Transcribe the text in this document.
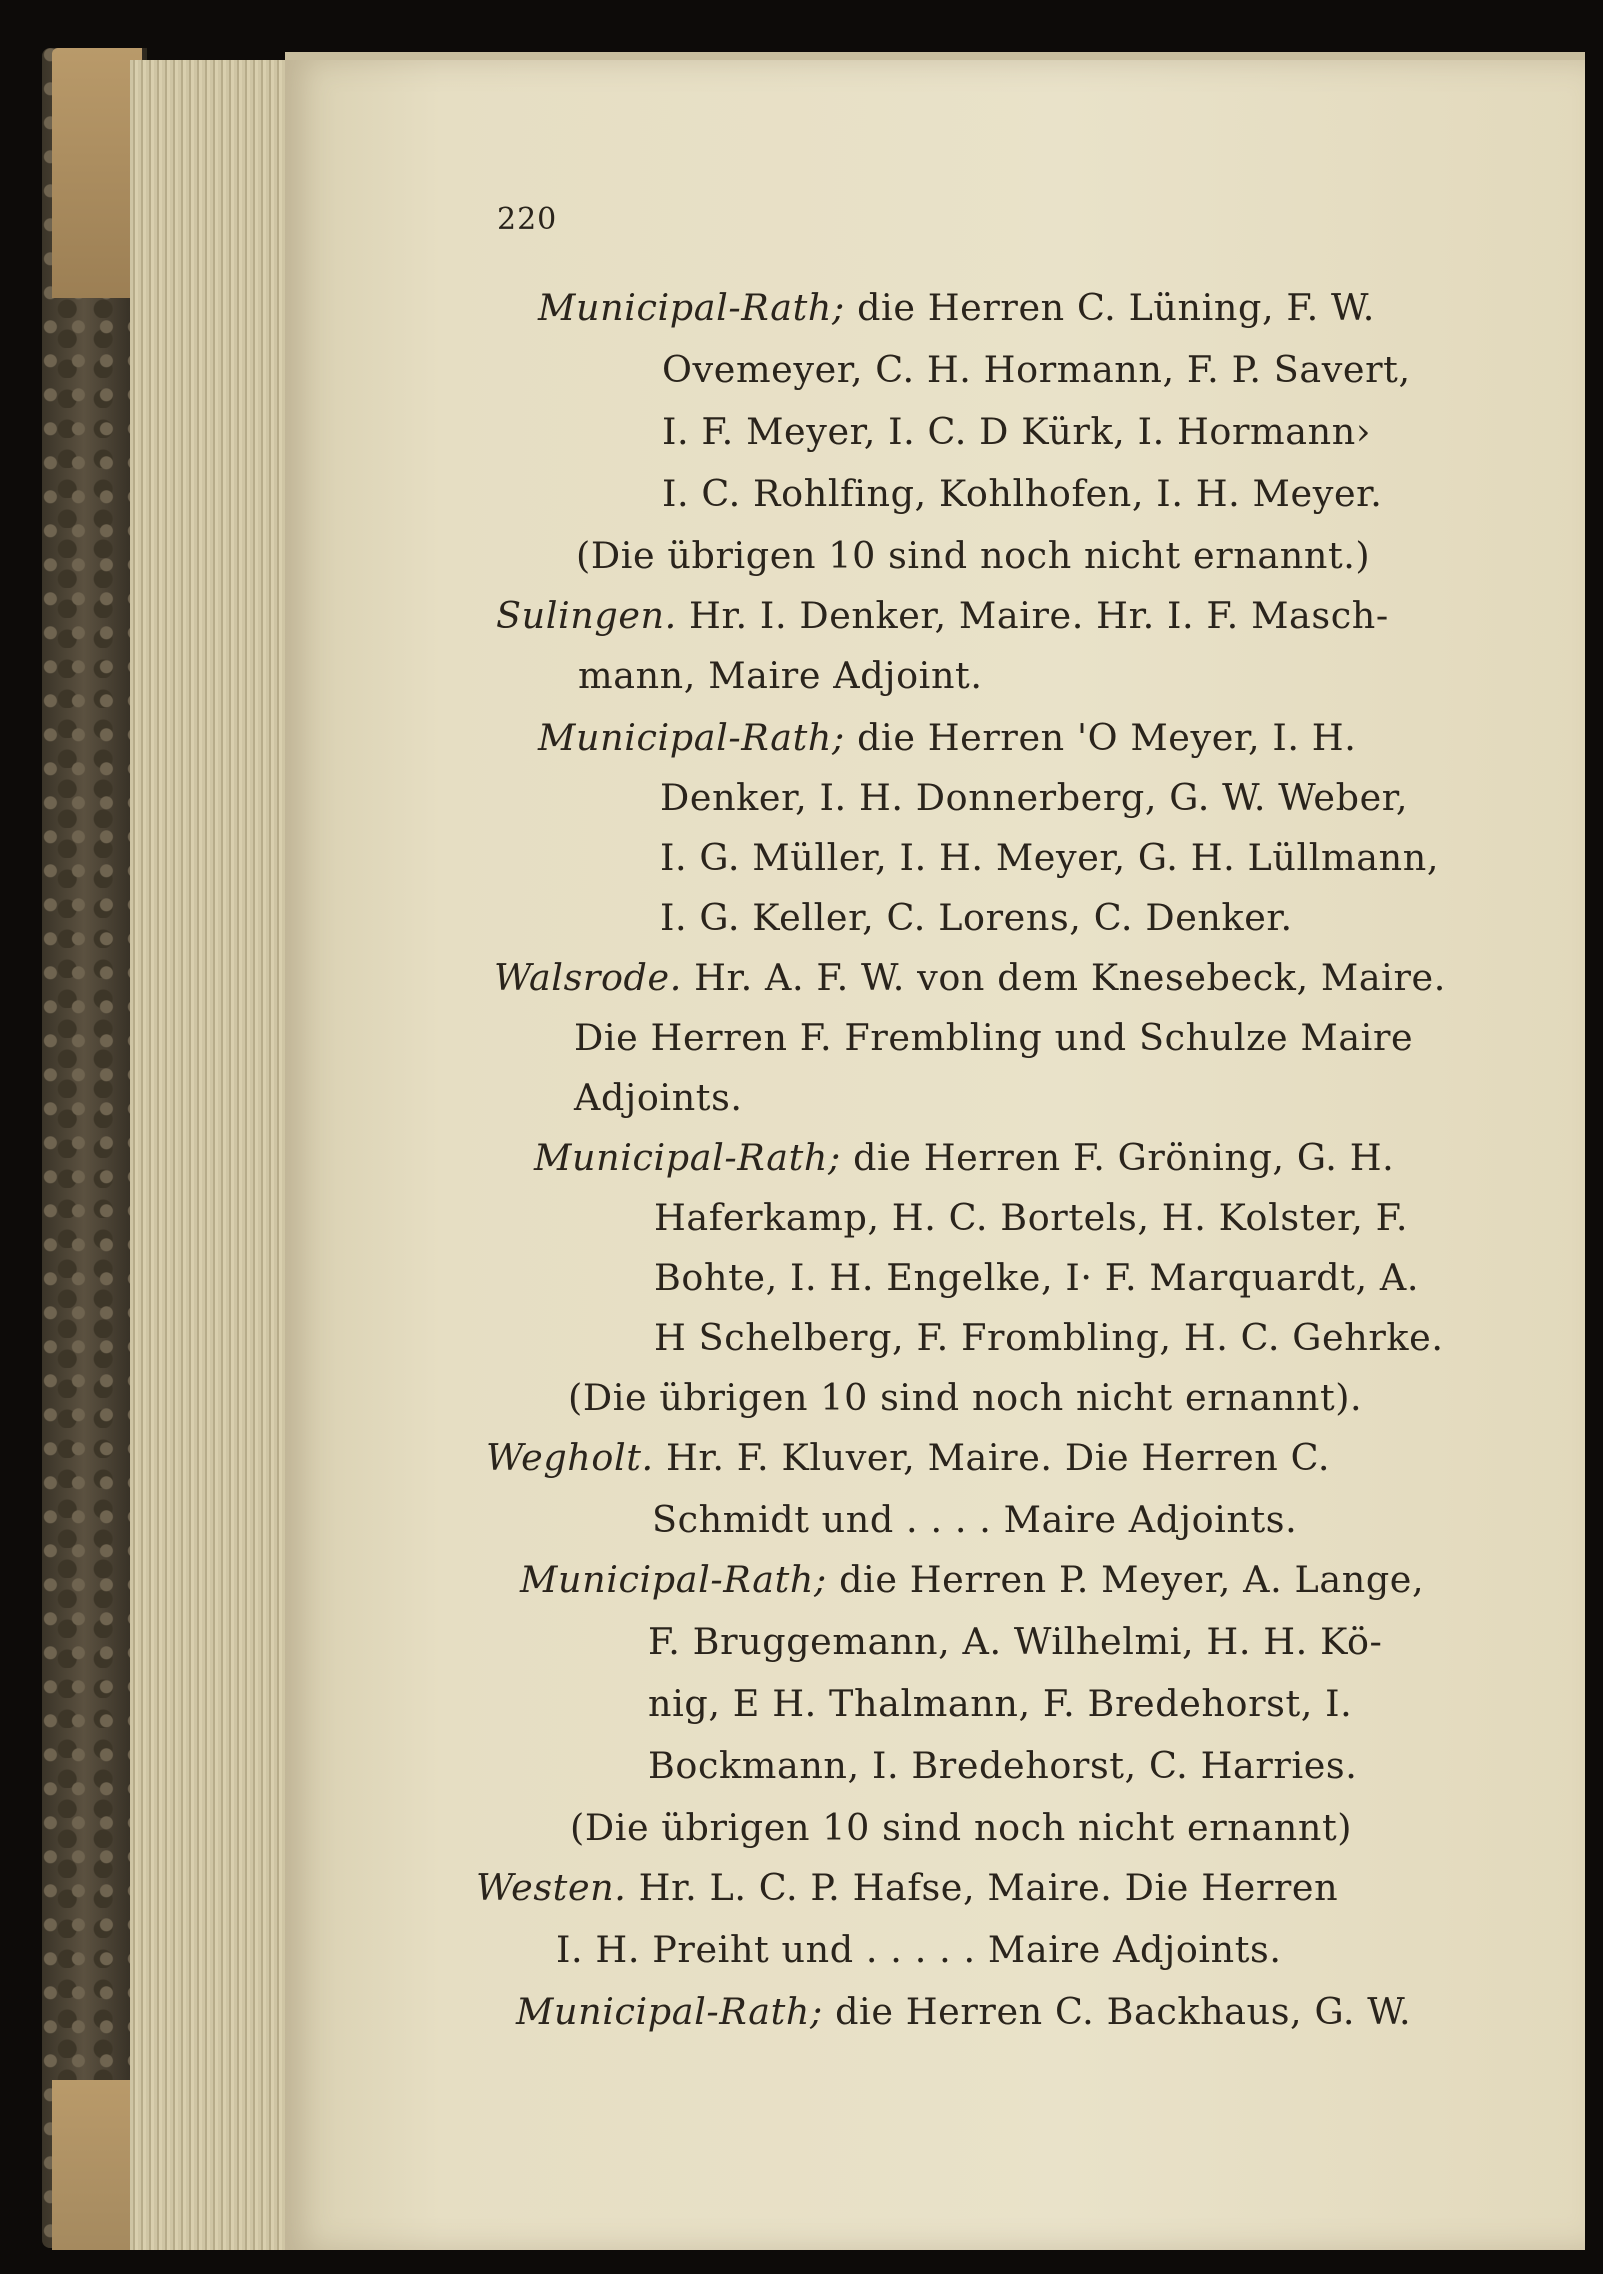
220
Municipal-Rath; die Herren C. Lüning, F. W.
Ovemeyer, C. H. Hormann, F. P. Savert,
I. F. Meyer, I. C. D Kürk, I. Hormann›
I. C. Rohlfing, Kohlhofen, I. H. Meyer.
(Die übrigen 10 sind noch nicht ernannt.)
Sulingen. Hr. I. Denker, Maire. Hr. I. F. Masch-
mann, Maire Adjoint.
Municipal-Rath; die Herren 'O Meyer, I. H.
Denker, I. H. Donnerberg, G. W. Weber,
I. G. Müller, I. H. Meyer, G. H. Lüllmann,
I. G. Keller, C. Lorens, C. Denker.
Walsrode. Hr. A. F. W. von dem Knesebeck, Maire.
Die Herren F. Frembling und Schulze Maire
Adjoints.
Municipal-Rath; die Herren F. Gröning, G. H.
Haferkamp, H. C. Bortels, H. Kolster, F.
Bohte, I. H. Engelke, I· F. Marquardt, A.
H Schelberg, F. Frombling, H. C. Gehrke.
(Die übrigen 10 sind noch nicht ernannt).
Wegholt. Hr. F. Kluver, Maire. Die Herren C.
Schmidt und . . . . Maire Adjoints.
Municipal-Rath; die Herren P. Meyer, A. Lange,
F. Bruggemann, A. Wilhelmi, H. H. Kö-
nig, E H. Thalmann, F. Bredehorst, I.
Bockmann, I. Bredehorst, C. Harries.
(Die übrigen 10 sind noch nicht ernannt)
Westen. Hr. L. C. P. Hafse, Maire. Die Herren
I. H. Preiht und . . . . . Maire Adjoints.
Municipal-Rath; die Herren C. Backhaus, G. W.
